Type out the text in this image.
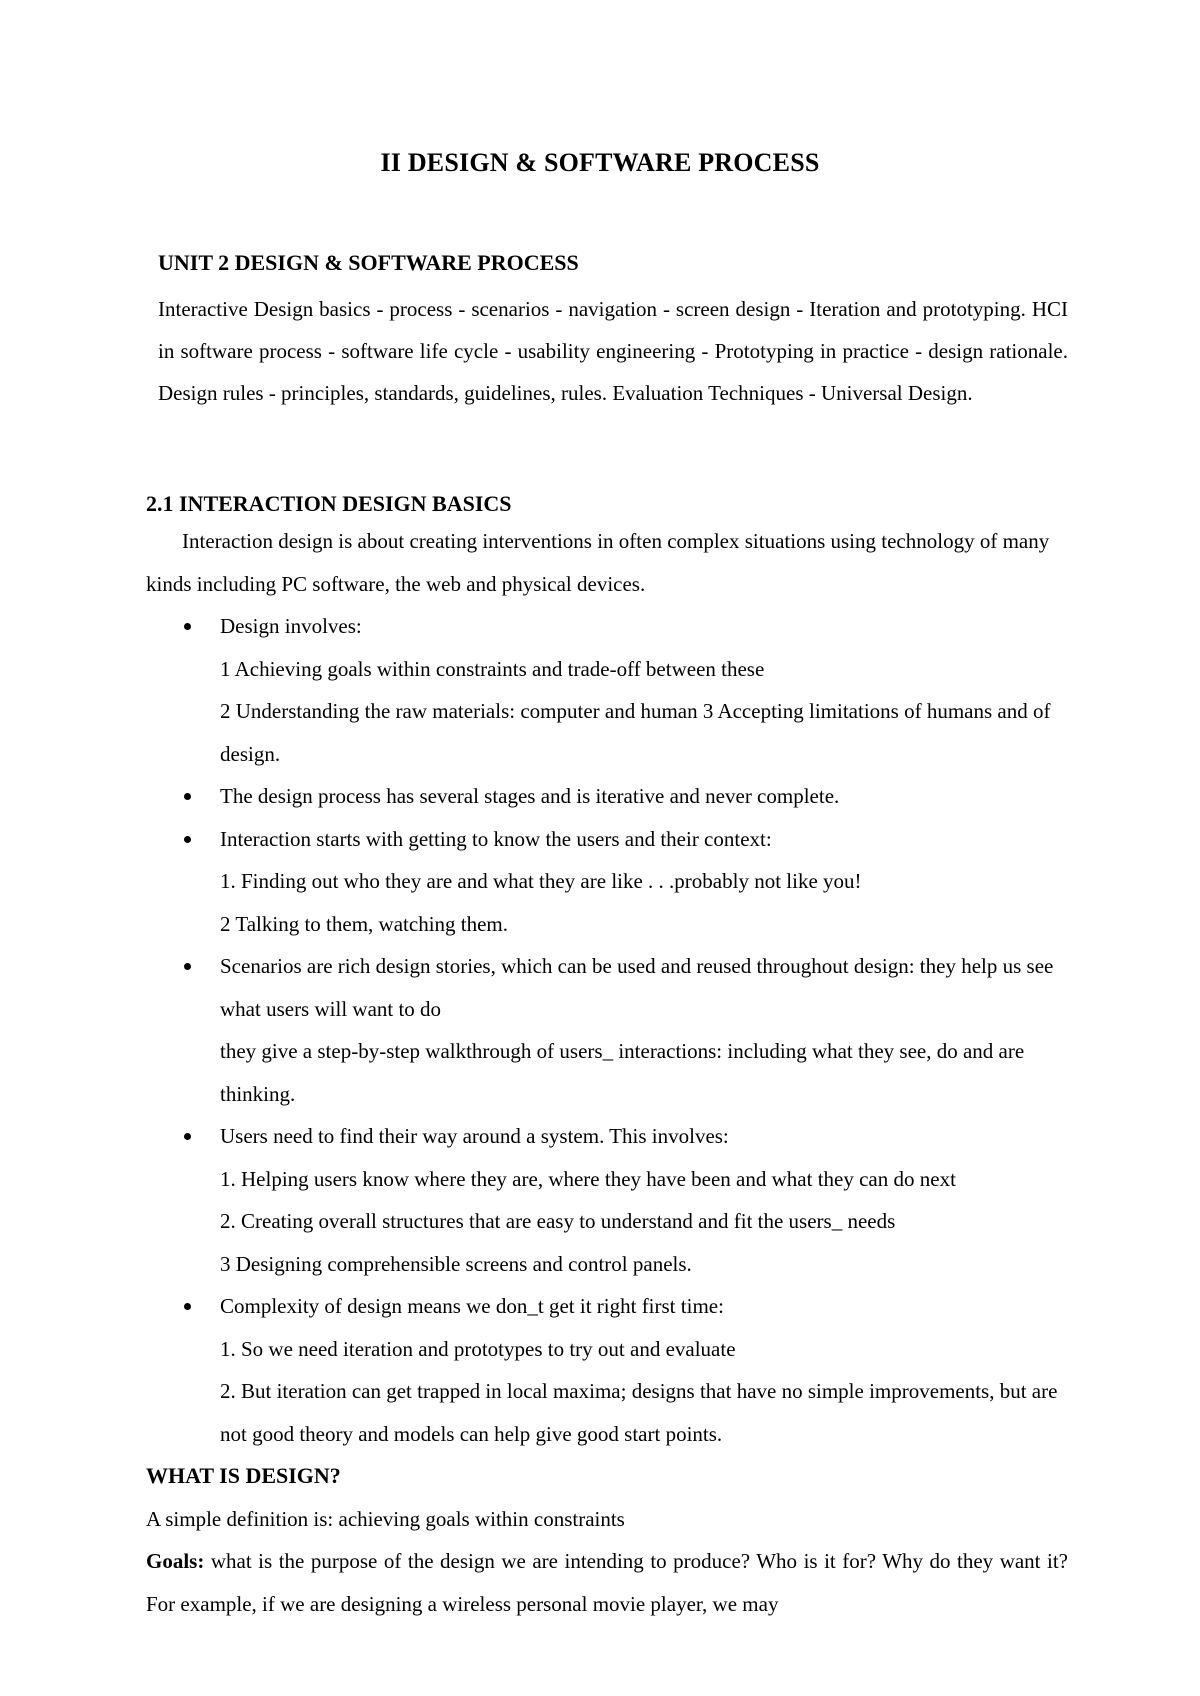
II DESIGN & SOFTWARE PROCESS
UNIT 2 DESIGN & SOFTWARE PROCESS

Interactive Design basics - process - scenarios - navigation - screen design - Iteration and prototyping. HCI in software process - software life cycle - usability engineering - Prototyping in practice - design rationale. Design rules - principles, standards, guidelines, rules. Evaluation Techniques - Universal Design.

2.1 INTERACTION DESIGN BASICS

Interaction design is about creating interventions in often complex situations using technology of many kinds including PC software, the web and physical devices.

Design involves:

1 Achieving goals within constraints and trade-off between these

2 Understanding the raw materials: computer and human 3 Accepting limitations of humans and of design.

The design process has several stages and is iterative and never complete.

Interaction starts with getting to know the users and their context:

1. Finding out who they are and what they are like . . .probably not like you!

2 Talking to them, watching them.

Scenarios are rich design stories, which can be used and reused throughout design: they help us see what users will want to do

they give a step-by-step walkthrough of users_ interactions: including what they see, do and are thinking.

Users need to find their way around a system. This involves:

1. Helping users know where they are, where they have been and what they can do next

2. Creating overall structures that are easy to understand and fit the users_ needs

3 Designing comprehensible screens and control panels.

Complexity of design means we don_t get it right first time:

1. So we need iteration and prototypes to try out and evaluate

2. But iteration can get trapped in local maxima; designs that have no simple improvements, but are not good theory and models can help give good start points.

WHAT IS DESIGN?

A simple definition is: achieving goals within constraints

Goals: what is the purpose of the design we are intending to produce? Who is it for? Why do they want it? For example, if we are designing a wireless personal movie player, we may
